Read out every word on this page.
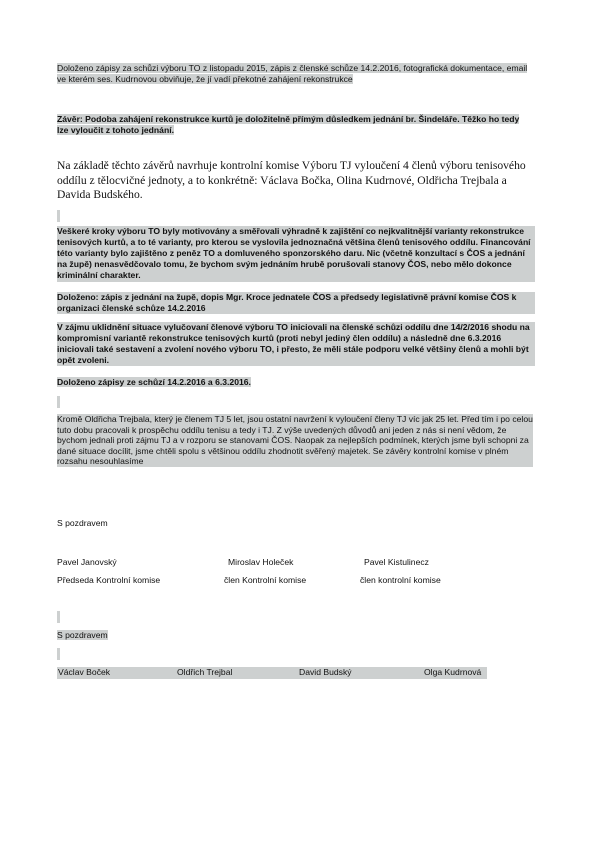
Doloženo zápisy za schůzi výboru TO z listopadu 2015, zápis z členské schůze 14.2.2016, fotografická dokumentace, email ve kterém ses. Kudrnovou obviňuje, že jí vadí překotné zahájení rekonstrukce
Závěr: Podoba zahájení rekonstrukce kurtů je doložitelně přímým důsledkem jednání br. Šindeláře. Těžko ho tedy lze vyloučit z tohoto jednání.
Na základě těchto závěrů navrhuje kontrolní komise Výboru TJ vyloučení 4 členů výboru tenisového oddílu z tělocvičné jednoty, a to konkrétně: Václava Bočka, Olina Kudrnové, Oldřicha Trejbala a Davida Budského.
Veškeré kroky výboru TO byly motivovány a směřovali výhradně k zajištění co nejkvalitnější varianty rekonstrukce tenisových kurtů, a to té varianty, pro kterou se vyslovila jednoznačná většina členů tenisového oddílu. Financování této varianty bylo zajištěno z peněz TO a domluveného sponzorského daru. Nic (včetně konzultací s ČOS a jednání na župě) nenasvědčovalo tomu, že bychom svým jednáním hrubě porušovali stanovy ČOS, nebo mělo dokonce kriminální charakter.
Doloženo: zápis z jednání na župě, dopis Mgr. Kroce jednatele ČOS a předsedy legislativně právní komise ČOS k organizaci členské schůze 14.2.2016
V zájmu uklidnění situace vylučovaní členové výboru TO iniciovali na členské schůzi oddílu dne 14/2/2016 shodu na kompromisní variantě rekonstrukce tenisových kurtů (proti nebyl jediný člen oddílu) a následně dne 6.3.2016 iniciovali také sestavení a zvolení nového výboru TO, i přesto, že měli stále podporu velké většiny členů a mohli být opět zvoleni.
Doloženo zápisy ze schůzí 14.2.2016 a 6.3.2016.
Kromě Oldřicha Trejbala, který je členem TJ 5 let, jsou ostatní navržení k vyloučení členy TJ víc jak 25 let. Před tím i po celou tuto dobu pracovali k prospěchu oddílu tenisu a tedy i TJ. Z výše uvedených důvodů ani jeden z nás si není vědom, že bychom jednali proti zájmu TJ a v rozporu se stanovami ČOS. Naopak za nejlepších podmínek, kterých jsme byli schopni za dané situace docílit, jsme chtěli spolu s většinou oddílu zhodnotit svěřený majetek. Se závěry kontrolní komise v plném rozsahu nesouhlasíme
S pozdravem
Pavel Janovský	Miroslav Holeček	Pavel Kistulinecz
Předseda Kontrolní komise	člen Kontrolní komise	člen kontrolní komise
S pozdravem
Václav Boček	Oldřich Trejbal	David Budský	Olga Kudrnová
